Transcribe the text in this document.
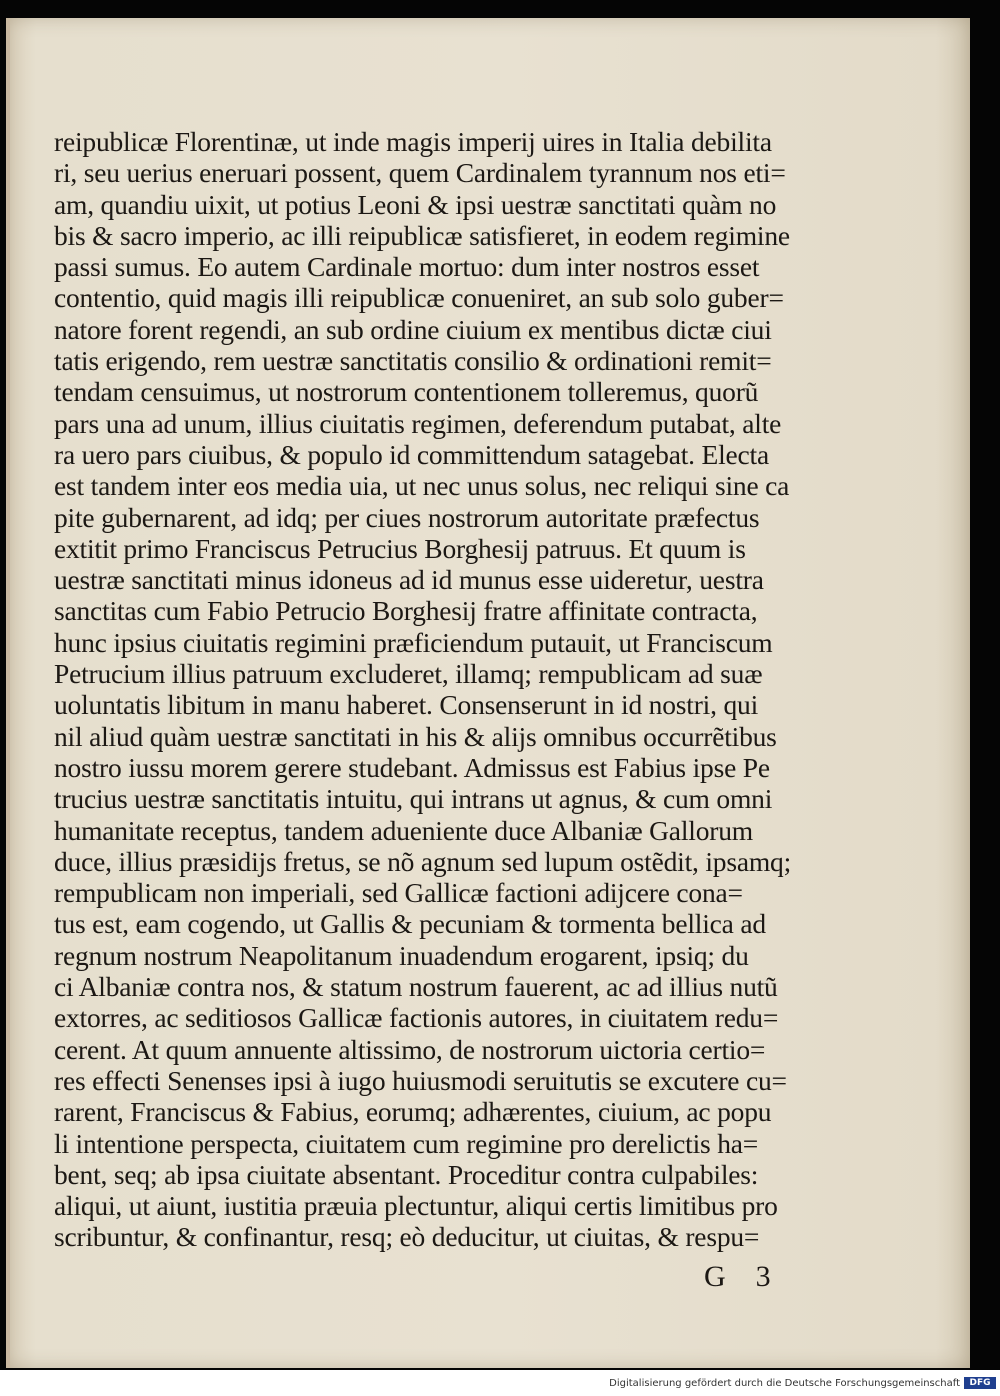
reipublicæ Florentinæ, ut inde magis imperij uires in Italia debilita
ri, seu uerius eneruari possent, quem Cardinalem tyrannum nos eti=
am, quandiu uixit, ut potius Leoni & ipsi uestræ sanctitati quàm no
bis & sacro imperio, ac illi reipublicæ satisfieret, in eodem regimine
passi sumus. Eo autem Cardinale mortuo: dum inter nostros esset
contentio, quid magis illi reipublicæ conueniret, an sub solo guber=
natore forent regendi, an sub ordine ciuium ex mentibus dictæ ciui
tatis erigendo, rem uestræ sanctitatis consilio & ordinationi remit=
tendam censuimus, ut nostrorum contentionem tolleremus, quorũ
pars una ad unum, illius ciuitatis regimen, deferendum putabat, alte
ra uero pars ciuibus, & populo id committendum satagebat. Electa
est tandem inter eos media uia, ut nec unus solus, nec reliqui sine ca
pite gubernarent, ad idq; per ciues nostrorum autoritate præfectus
extitit primo Franciscus Petrucius Borghesij patruus. Et quum is
uestræ sanctitati minus idoneus ad id munus esse uideretur, uestra
sanctitas cum Fabio Petrucio Borghesij fratre affinitate contracta,
hunc ipsius ciuitatis regimini præficiendum putauit, ut Franciscum
Petrucium illius patruum excluderet, illamq; rempublicam ad suæ
uoluntatis libitum in manu haberet. Consenserunt in id nostri, qui
nil aliud quàm uestræ sanctitati in his & alijs omnibus occurrẽtibus
nostro iussu morem gerere studebant. Admissus est Fabius ipse Pe
trucius uestræ sanctitatis intuitu, qui intrans ut agnus, & cum omni
humanitate receptus, tandem adueniente duce Albaniæ Gallorum
duce, illius præsidijs fretus, se nõ agnum sed lupum ostẽdit, ipsamq;
rempublicam non imperiali, sed Gallicæ factioni adijcere cona=
tus est, eam cogendo, ut Gallis & pecuniam & tormenta bellica ad
regnum nostrum Neapolitanum inuadendum erogarent, ipsiq; du
ci Albaniæ contra nos, & statum nostrum fauerent, ac ad illius nutũ
extorres, ac seditiosos Gallicæ factionis autores, in ciuitatem redu=
cerent. At quum annuente altissimo, de nostrorum uictoria certio=
res effecti Senenses ipsi à iugo huiusmodi seruitutis se excutere cu=
rarent, Franciscus & Fabius, eorumq; adhærentes, ciuium, ac popu
li intentione perspecta, ciuitatem cum regimine pro derelictis ha=
bent, seq; ab ipsa ciuitate absentant. Proceditur contra culpabiles:
aliqui, ut aiunt, iustitia præuia plectuntur, aliqui certis limitibus pro
scribuntur, & confinantur, resq; eò deducitur, ut ciuitas, & respu=
G 3
Digitalisierung gefördert durch die Deutsche Forschungsgemeinschaft	DFG
